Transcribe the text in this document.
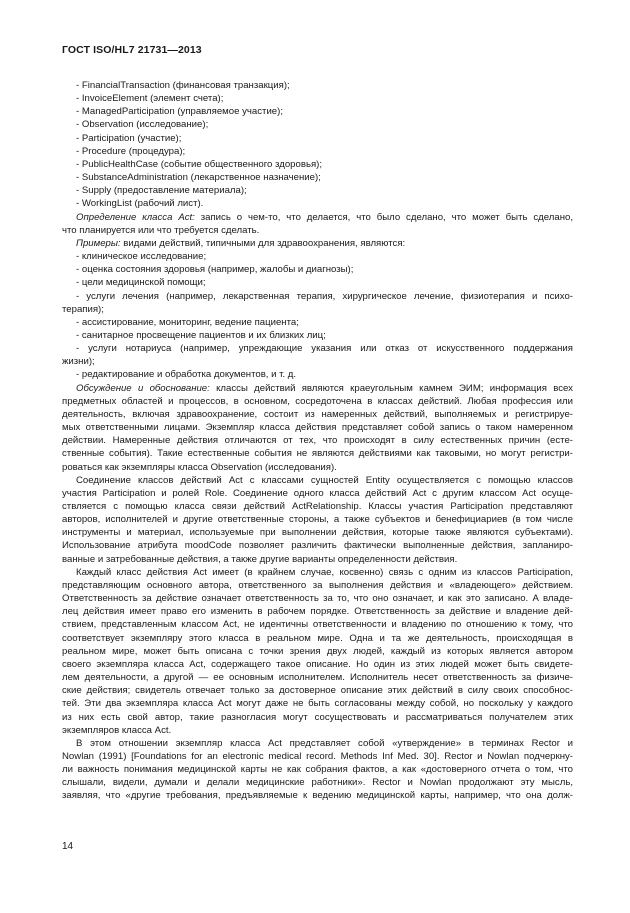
ГОСТ ISO/HL7 21731—2013
- FinancialTransaction (финансовая транзакция);
- InvoiceElement (элемент счета);
- ManagedParticipation (управляемое участие);
- Observation (исследование);
- Participation (участие);
- Procedure (процедура);
- PublicHealthCase (событие общественного здоровья);
- SubstanceAdministration (лекарственное назначение);
- Supply (предоставление материала);
- WorkingList (рабочий лист).
Определение класса Act: запись о чем-то, что делается, что было сделано, что может быть сделано,
что планируется или что требуется сделать.
Примеры: видами действий, типичными для здравоохранения, являются:
- клиническое исследование;
- оценка состояния здоровья (например, жалобы и диагнозы);
- цели медицинской помощи;
- услуги лечения (например, лекарственная терапия, хирургическое лечение, физиотерапия и психо-
терапия);
- ассистирование, мониторинг, ведение пациента;
- санитарное просвещение пациентов и их близких лиц;
- услуги нотариуса (например, упреждающие указания или отказ от искусственного поддержания
жизни);
- редактирование и обработка документов, и т. д.
Обсуждение и обоснование: классы действий являются краеугольным камнем ЭИМ; информация всех
предметных областей и процессов, в основном, сосредоточена в классах действий. Любая профессия или
деятельность, включая здравоохранение, состоит из намеренных действий, выполняемых и регистрируе-
мых ответственными лицами. Экземпляр класса действия представляет собой запись о таком намеренном
действии. Намеренные действия отличаются от тех, что происходят в силу естественных причин (есте-
ственные события). Такие естественные события не являются действиями как таковыми, но могут регистри-
роваться как экземпляры класса Observation (исследования).
Соединение классов действий Act с классами сущностей Entity осуществляется с помощью классов
участия Participation и ролей Role. Соединение одного класса действий Act с другим классом Act осуще-
ствляется с помощью класса связи действий ActRelationship. Классы участия Participation представляют
авторов, исполнителей и другие ответственные стороны, а также субъектов и бенефициариев (в том числе
инструменты и материал, используемые при выполнении действия, которые также являются субъектами).
Использование атрибута moodCode позволяет различить фактически выполненные действия, запланиро-
ванные и затребованные действия, а также другие варианты определенности действия.
Каждый класс действия Act имеет (в крайнем случае, косвенно) связь с одним из классов Participation,
представляющим основного автора, ответственного за выполнения действия и «владеющего» действием.
Ответственность за действие означает ответственность за то, что оно означает, и как это записано. А владе-
лец действия имеет право его изменить в рабочем порядке. Ответственность за действие и владение дей-
ствием, представленным классом Act, не идентичны ответственности и владению по отношению к тому, что
соответствует экземпляру этого класса в реальном мире. Одна и та же деятельность, происходящая в
реальном мире, может быть описана с точки зрения двух людей, каждый из которых является автором
своего экземпляра класса Act, содержащего такое описание. Но один из этих людей может быть свидете-
лем деятельности, а другой — ее основным исполнителем. Исполнитель несет ответственность за физиче-
ские действия; свидетель отвечает только за достоверное описание этих действий в силу своих способнос-
тей. Эти два экземпляра класса Act могут даже не быть согласованы между собой, но поскольку у каждого
из них есть свой автор, такие разногласия могут сосуществовать и рассматриваться получателем этих
экземпляров класса Act.
В этом отношении экземпляр класса Act представляет собой «утверждение» в терминах Rector и
Nowlan (1991) [Foundations for an electronic medical record. Methods Inf Med. 30]. Rector и Nowlan подчеркну-
ли важность понимания медицинской карты не как собрания фактов, а как «достоверного отчета о том, что
слышали, видели, думали и делали медицинские работники». Rector и Nowlan продолжают эту мысль,
заявляя, что «другие требования, предъявляемые к ведению медицинской карты, например, что она долж-
14
